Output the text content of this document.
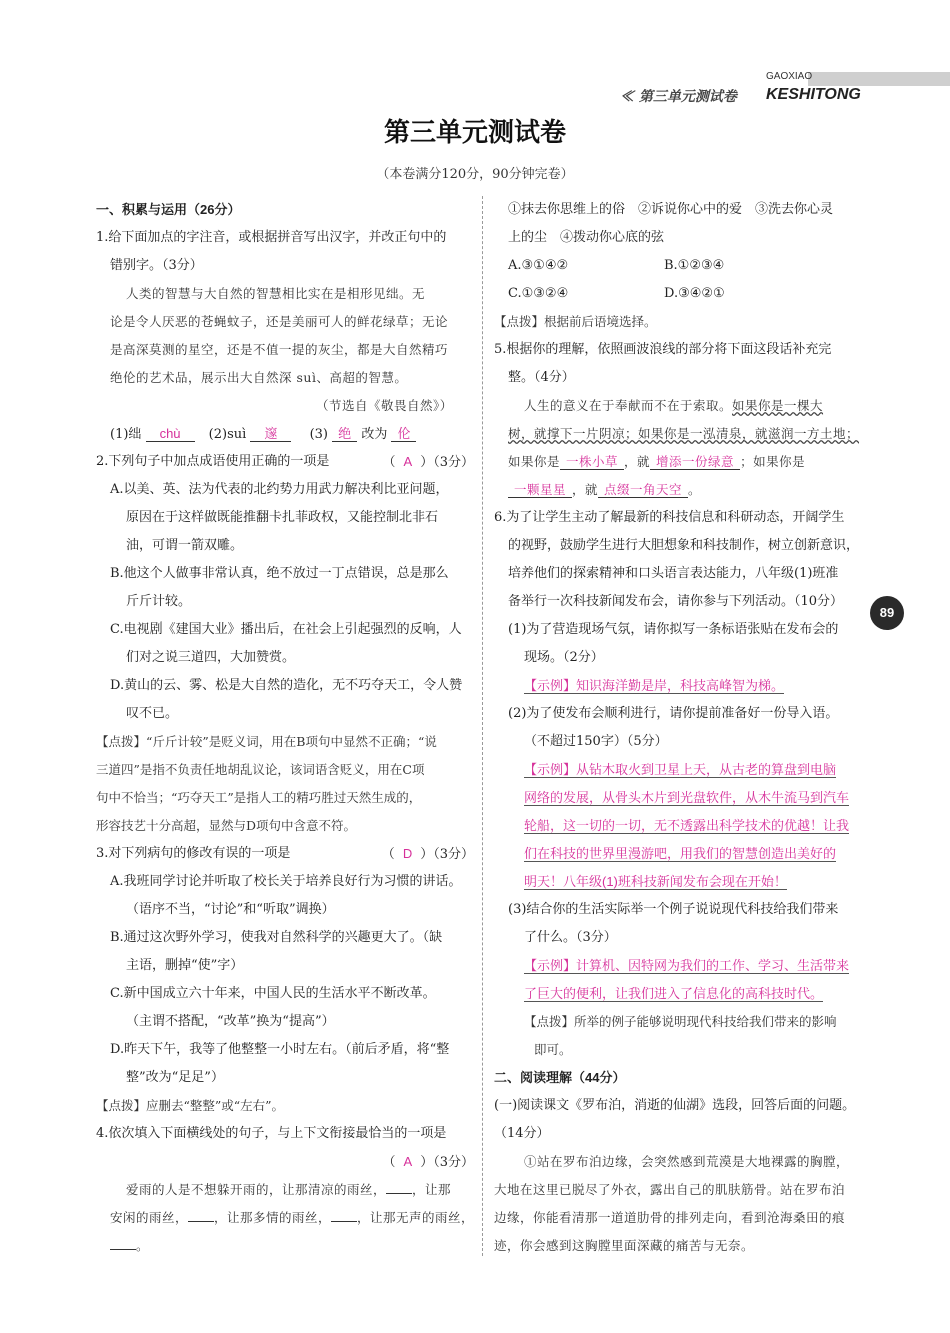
≪ 第三单元测试卷
GAOXIAO
KESHITONG
第三单元测试卷
（本卷满分120分，90分钟完卷）
89
一、积累与运用（26分）
1.给下面加点的字注音，或根据拼音写出汉字，并改正句中的
错别字。（3分）
人类的智慧与大自然的智慧相比实在是相形见绌。无
论是令人厌恶的苍蝇蚊子，还是美丽可人的鲜花绿草；无论
是高深莫测的星空，还是不值一提的灰尘，都是大自然精巧
绝伦的艺术品，展示出大自然深 suì、高超的智慧。
（节选自《敬畏自然》）
(1)绌 chù (2)suì 邃 (3) 绝 改为 伦
2.下列句子中加点成语使用正确的一项是	（ A ）（3分）
A.以美、英、法为代表的北约势力用武力解决利比亚问题，
原因在于这样做既能推翻卡扎菲政权，又能控制北非石
油，可谓一箭双雕。
B.他这个人做事非常认真，绝不放过一丁点错误，总是那么
斤斤计较。
C.电视剧《建国大业》播出后，在社会上引起强烈的反响，人
们对之说三道四，大加赞赏。
D.黄山的云、雾、松是大自然的造化，无不巧夺天工，令人赞
叹不已。
【点拨】“斤斤计较”是贬义词，用在B项句中显然不正确；“说
三道四”是指不负责任地胡乱议论，该词语含贬义，用在C项
句中不恰当；“巧夺天工”是指人工的精巧胜过天然生成的，
形容技艺十分高超，显然与D项句中含意不符。
3.对下列病句的修改有误的一项是	（ D ）（3分）
A.我班同学讨论并听取了校长关于培养良好行为习惯的讲话。
（语序不当，“讨论”和“听取”调换）
B.通过这次野外学习，使我对自然科学的兴趣更大了。（缺
主语，删掉“使”字）
C.新中国成立六十年来，中国人民的生活水平不断改革。
（主谓不搭配，“改革”换为“提高”）
D.昨天下午，我等了他整整一小时左右。（前后矛盾，将“整
整”改为“足足”）
【点拨】应删去“整整”或“左右”。
4.依次填入下面横线处的句子，与上下文衔接最恰当的一项是
（ A ）（3分）
爱雨的人是不想躲开雨的，让那清凉的雨丝， ，让那
安闲的雨丝， ，让那多情的雨丝， ，让那无声的雨丝，
。
①抹去你思维上的俗　②诉说你心中的爱　③洗去你心灵
上的尘　④拨动你心底的弦
A.③①④②	B.①②③④
C.①③②④	D.③④②①
【点拨】根据前后语境选择。
5.根据你的理解，依照画波浪线的部分将下面这段话补充完
整。（4分）
人生的意义在于奉献而不在于索取。如果你是一棵大
树，就撑下一片阴凉；如果你是一泓清泉，就滋润一方土地；
如果你是 一株小草 ，就 增添一份绿意 ；如果你是
一颗星星 ，就 点缀一角天空 。
6.为了让学生主动了解最新的科技信息和科研动态，开阔学生
的视野，鼓励学生进行大胆想象和科技制作，树立创新意识，
培养他们的探索精神和口头语言表达能力，八年级(1)班准
备举行一次科技新闻发布会，请你参与下列活动。（10分）
(1)为了营造现场气氛，请你拟写一条标语张贴在发布会的
现场。（2分）
【示例】知识海洋勤是岸，科技高峰智为梯。
(2)为了使发布会顺利进行，请你提前准备好一份导入语。
（不超过150字）（5分）
【示例】从钻木取火到卫星上天，从古老的算盘到电脑
网络的发展，从骨头木片到光盘软件，从木牛流马到汽车
轮船，这一切的一切，无不透露出科学技术的优越！让我
们在科技的世界里漫游吧，用我们的智慧创造出美好的
明天！八年级(1)班科技新闻发布会现在开始！
(3)结合你的生活实际举一个例子说说现代科技给我们带来
了什么。（3分）
【示例】计算机、因特网为我们的工作、学习、生活带来
了巨大的便利，让我们进入了信息化的高科技时代。
【点拨】所举的例子能够说明现代科技给我们带来的影响
即可。
二、阅读理解（44分）
(一)阅读课文《罗布泊，消逝的仙湖》选段，回答后面的问题。
（14分）
①站在罗布泊边缘，会突然感到荒漠是大地裸露的胸膛，
大地在这里已脱尽了外衣，露出自己的肌肤筋骨。站在罗布泊
边缘，你能看清那一道道肋骨的排列走向，看到沧海桑田的痕
迹，你会感到这胸膛里面深藏的痛苦与无奈。
